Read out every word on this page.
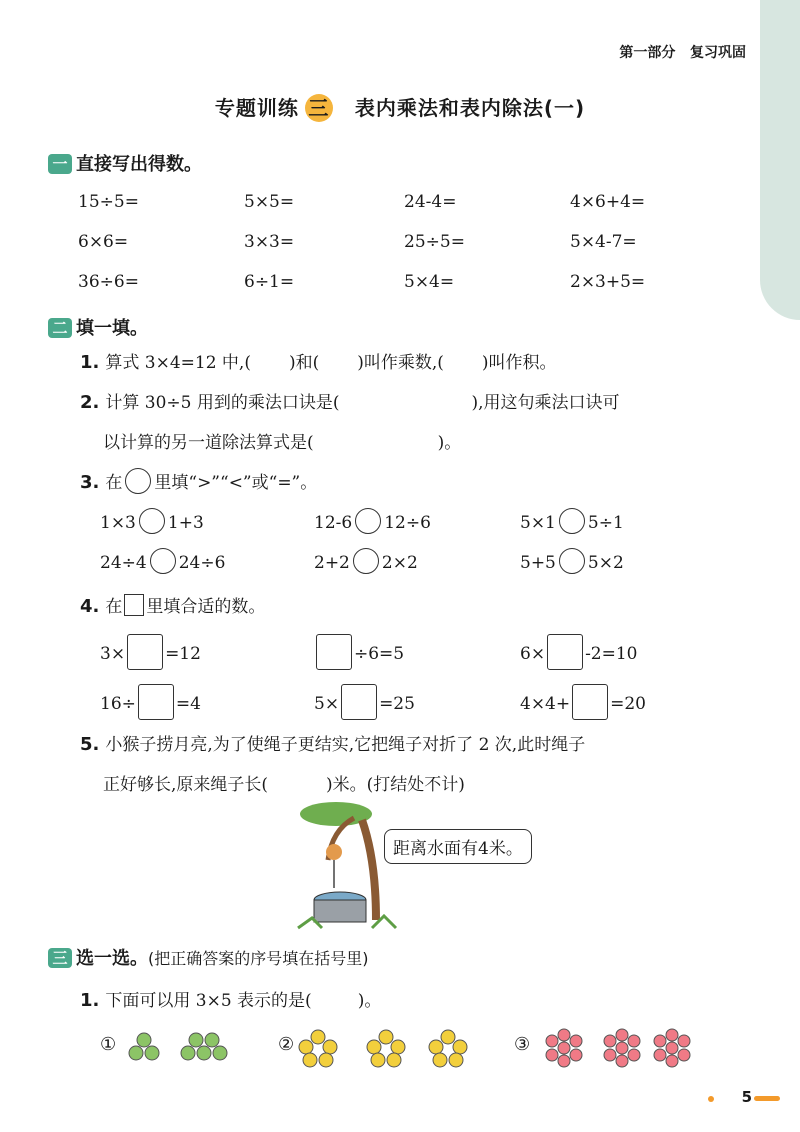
第一部分 复习巩固
专题训练 三 表内乘法和表内除法(一)
一 直接写出得数。
15÷5=	5×5=	24-4=	4×6+4=
6×6=	3×3=	25÷5=	5×4-7=
36÷6=	6÷1=	5×4=	2×3+5=
二 填一填。
1. 算式 3×4=12 中,( )和( )叫作乘数,( )叫作积。
2. 计算 30÷5 用到的乘法口诀是(	),用这句乘法口诀可
以计算的另一道除法算式是(	)。
3. 在 里填“>”“<”或“=”。
1×3 1+3	12-6 12÷6	5×1 5÷1
24÷4 24÷6	2+2 2×2	5+5 5×2
4. 在 里填合适的数。
3× =12	÷6=5	6× -2=10
16÷ =4	5× =25	4×4+ =20
5. 小猴子捞月亮,为了使绳子更结实,它把绳子对折了 2 次,此时绳子
正好够长,原来绳子长(	)米。(打结处不计)
距离水面有4米。
三 选一选。(把正确答案的序号填在括号里)
1. 下面可以用 3×5 表示的是(	)。
①	②	③
5
